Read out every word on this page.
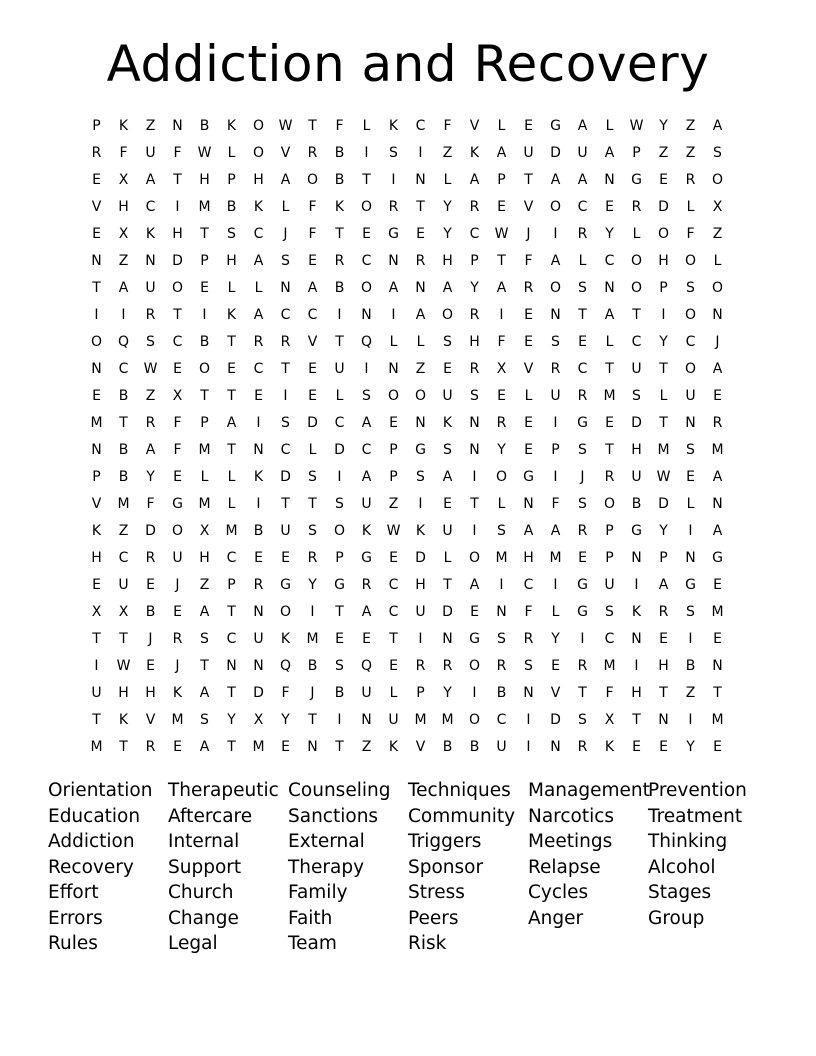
Addiction and Recovery
P	K	Z	N	B	K	O	W	T	F	L	K	C	F	V	L	E	G	A	L	W	Y	Z	A
R	F	U	F	W	L	O	V	R	B	I	S	I	Z	K	A	U	D	U	A	P	Z	Z	S
E	X	A	T	H	P	H	A	O	B	T	I	N	L	A	P	T	A	A	N	G	E	R	O
V	H	C	I	M	B	K	L	F	K	O	R	T	Y	R	E	V	O	C	E	R	D	L	X
E	X	K	H	T	S	C	J	F	T	E	G	E	Y	C	W	J	I	R	Y	L	O	F	Z
N	Z	N	D	P	H	A	S	E	R	C	N	R	H	P	T	F	A	L	C	O	H	O	L
T	A	U	O	E	L	L	N	A	B	O	A	N	A	Y	A	R	O	S	N	O	P	S	O
I	I	R	T	I	K	A	C	C	I	N	I	A	O	R	I	E	N	T	A	T	I	O	N
O	Q	S	C	B	T	R	R	V	T	Q	L	L	S	H	F	E	S	E	L	C	Y	C	J
N	C	W	E	O	E	C	T	E	U	I	N	Z	E	R	X	V	R	C	T	U	T	O	A
E	B	Z	X	T	T	E	I	E	L	S	O	O	U	S	E	L	U	R	M	S	L	U	E
M	T	R	F	P	A	I	S	D	C	A	E	N	K	N	R	E	I	G	E	D	T	N	R
N	B	A	F	M	T	N	C	L	D	C	P	G	S	N	Y	E	P	S	T	H	M	S	M
P	B	Y	E	L	L	K	D	S	I	A	P	S	A	I	O	G	I	J	R	U	W	E	A
V	M	F	G	M	L	I	T	T	S	U	Z	I	E	T	L	N	F	S	O	B	D	L	N
K	Z	D	O	X	M	B	U	S	O	K	W	K	U	I	S	A	A	R	P	G	Y	I	A
H	C	R	U	H	C	E	E	R	P	G	E	D	L	O	M	H	M	E	P	N	P	N	G
E	U	E	J	Z	P	R	G	Y	G	R	C	H	T	A	I	C	I	G	U	I	A	G	E
X	X	B	E	A	T	N	O	I	T	A	C	U	D	E	N	F	L	G	S	K	R	S	M
T	T	J	R	S	C	U	K	M	E	E	T	I	N	G	S	R	Y	I	C	N	E	I	E
I	W	E	J	T	N	N	Q	B	S	Q	E	R	R	O	R	S	E	R	M	I	H	B	N
U	H	H	K	A	T	D	F	J	B	U	L	P	Y	I	B	N	V	T	F	H	T	Z	T
T	K	V	M	S	Y	X	Y	T	I	N	U	M	M	O	C	I	D	S	X	T	N	I	M
M	T	R	E	A	T	M	E	N	T	Z	K	V	B	B	U	I	N	R	K	E	E	Y	E
Orientation
Education
Addiction
Recovery
Effort
Errors
Rules
Therapeutic
Aftercare
Internal
Support
Church
Change
Legal
Counseling
Sanctions
External
Therapy
Family
Faith
Team
Techniques
Community
Triggers
Sponsor
Stress
Peers
Risk
Management
Narcotics
Meetings
Relapse
Cycles
Anger
Prevention
Treatment
Thinking
Alcohol
Stages
Group
